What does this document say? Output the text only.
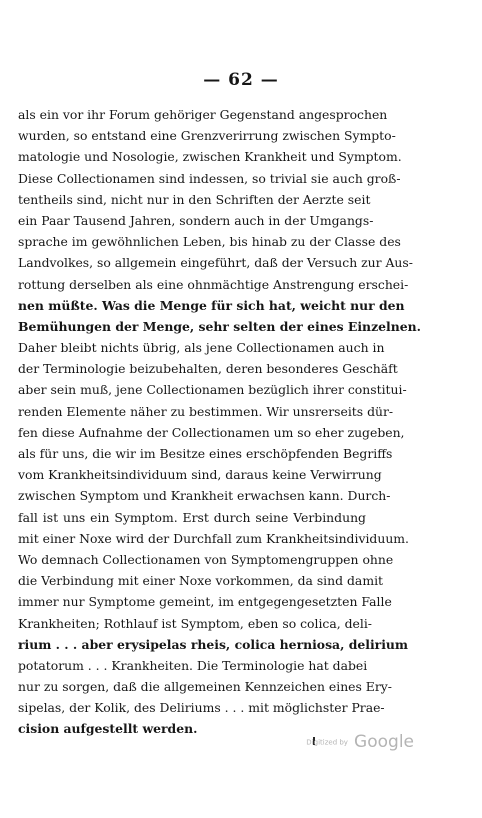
— 62 —
als ein vor ihr Forum gehöriger Gegenstand angesprochen
wurden, so entstand eine Grenzverirrung zwischen Sympto-
matologie und Nosologie, zwischen Krankheit und Symptom.
Diese Collectionamen sind indessen, so trivial sie auch groß-
tentheils sind, nicht nur in den Schriften der Aerzte seit
ein Paar Tausend Jahren, sondern auch in der Umgangs-
sprache im gewöhnlichen Leben, bis hinab zu der Classe des
Landvolkes, so allgemein eingeführt, daß der Versuch zur Aus-
rottung derselben als eine ohnmächtige Anstrengung erschei-
nen müßte. Was die Menge für sich hat, weicht nur den
Bemühungen der Menge, sehr selten der eines Einzelnen.
Daher bleibt nichts übrig, als jene Collectionamen auch in
der Terminologie beizubehalten, deren besonderes Geschäft
aber sein muß, jene Collectionamen bezüglich ihrer constitui-
renden Elemente näher zu bestimmen. Wir unsrerseits dür-
fen diese Aufnahme der Collectionamen um so eher zugeben,
als für uns, die wir im Besitze eines erschöpfenden Begriffs
vom Krankheitsindividuum sind, daraus keine Verwirrung
zwischen Symptom und Krankheit erwachsen kann. Durch-
fall ist uns ein Symptom. Erst durch seine Verbindung
mit einer Noxe wird der Durchfall zum Krankheitsindividuum.
Wo demnach Collectionamen von Symptomengruppen ohne
die Verbindung mit einer Noxe vorkommen, da sind damit
immer nur Symptome gemeint, im entgegengesetzten Falle
Krankheiten; Rothlauf ist Symptom, eben so colica, deli-
rium . . . aber erysipelas rheis, colica herniosa, delirium
potatorum . . . Krankheiten. Die Terminologie hat dabei
nur zu sorgen, daß die allgemeinen Kennzeichen eines Ery-
sipelas, der Kolik, des Deliriums . . . mit möglichster Prae-
cision aufgestellt werden.
Digitized by Google
